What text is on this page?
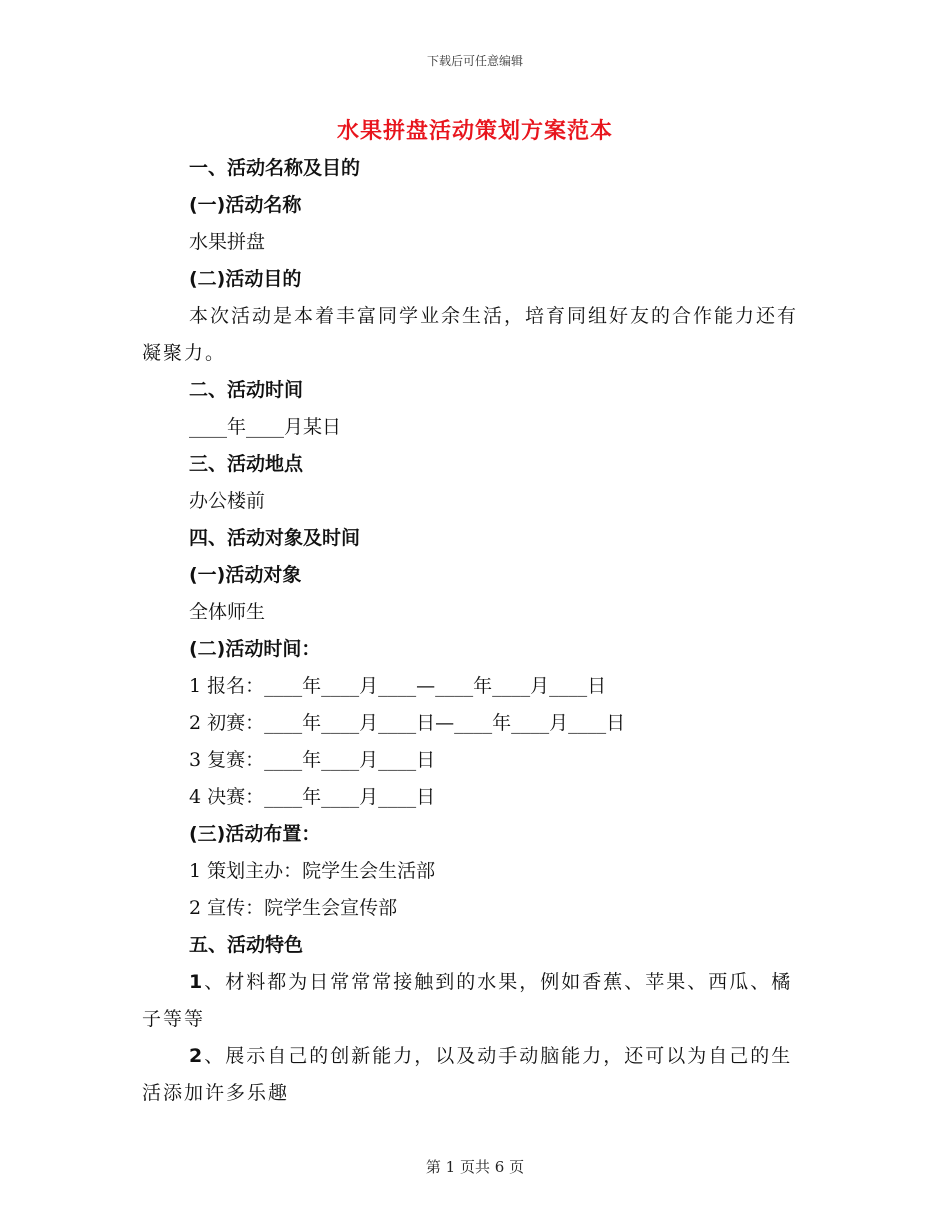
下载后可任意编辑
水果拼盘活动策划方案范本

一、活动名称及目的

(一)活动名称

水果拼盘

(二)活动目的

本次活动是本着丰富同学业余生活，培育同组好友的合作能力还有凝聚力。

二、活动时间

____年____月某日

三、活动地点

办公楼前

四、活动对象及时间

(一)活动对象

全体师生

(二)活动时间：

1 报名：____年____月____—____年____月____日

2 初赛：____年____月____日—____年____月____日

3 复赛：____年____月____日

4 决赛：____年____月____日

(三)活动布置：

1 策划主办：院学生会生活部

2 宣传：院学生会宣传部

五、活动特色

1、材料都为日常常常接触到的水果，例如香蕉、苹果、西瓜、橘子等等

2、展示自己的创新能力，以及动手动脑能力，还可以为自己的生活添加许多乐趣

第 1 页共 6 页
